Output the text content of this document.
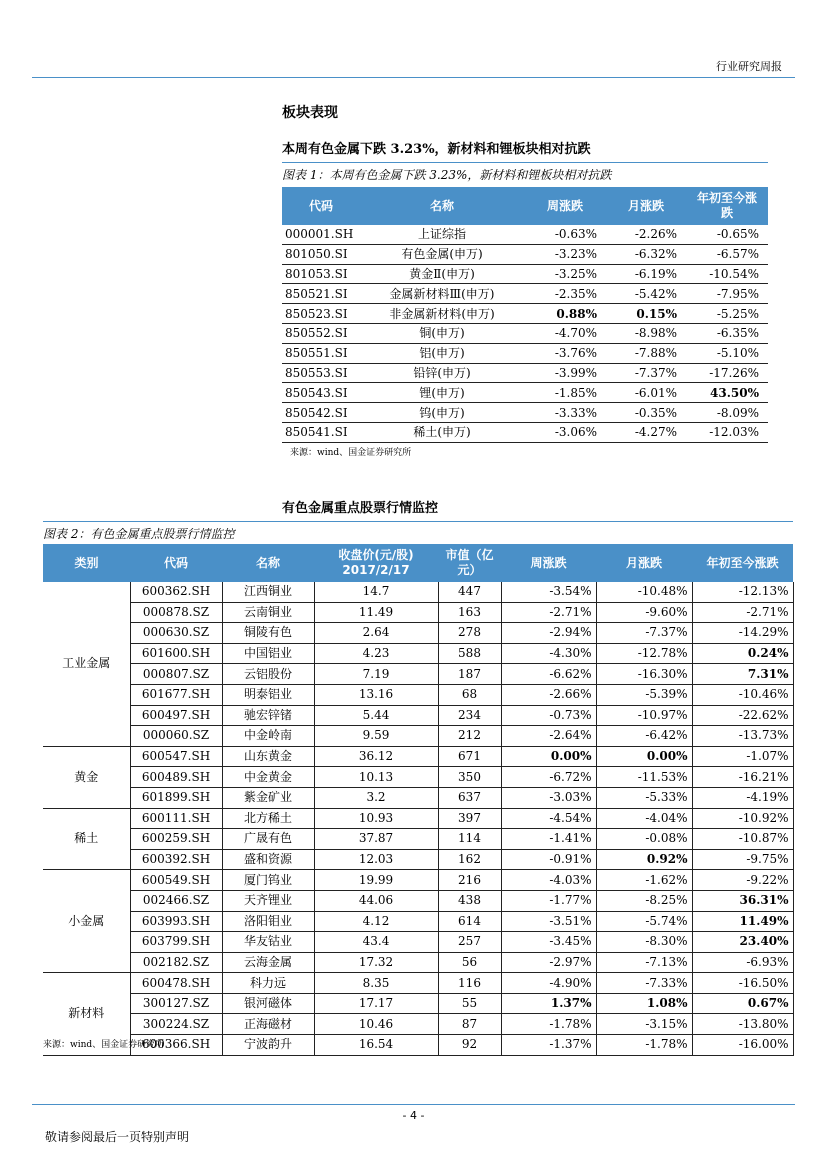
行业研究周报
板块表现
本周有色金属下跌 3.23%，新材料和锂板块相对抗跌
图表 1：本周有色金属下跌 3.23%，新材料和锂板块相对抗跌
代码	名称	周涨跌	月涨跌	年初至今涨跌
000001.SH	上证综指	-0.63%	-2.26%	-0.65%
801050.SI	有色金属(申万)	-3.23%	-6.32%	-6.57%
801053.SI	黄金Ⅱ(申万)	-3.25%	-6.19%	-10.54%
850521.SI	金属新材料Ⅲ(申万)	-2.35%	-5.42%	-7.95%
850523.SI	非金属新材料(申万)	0.88%	0.15%	-5.25%
850552.SI	铜(申万)	-4.70%	-8.98%	-6.35%
850551.SI	铝(申万)	-3.76%	-7.88%	-5.10%
850553.SI	铅锌(申万)	-3.99%	-7.37%	-17.26%
850543.SI	锂(申万)	-1.85%	-6.01%	43.50%
850542.SI	钨(申万)	-3.33%	-0.35%	-8.09%
850541.SI	稀土(申万)	-3.06%	-4.27%	-12.03%
来源：wind、国金证券研究所
有色金属重点股票行情监控
图表 2：有色金属重点股票行情监控
类别	代码	名称	收盘价(元/股) 2017/2/17	市值（亿元）	周涨跌	月涨跌	年初至今涨跌
工业金属	600362.SH	江西铜业	14.7	447	-3.54%	-10.48%	-12.13%
	000878.SZ	云南铜业	11.49	163	-2.71%	-9.60%	-2.71%
	000630.SZ	铜陵有色	2.64	278	-2.94%	-7.37%	-14.29%
	601600.SH	中国铝业	4.23	588	-4.30%	-12.78%	0.24%
	000807.SZ	云铝股份	7.19	187	-6.62%	-16.30%	7.31%
	601677.SH	明泰铝业	13.16	68	-2.66%	-5.39%	-10.46%
	600497.SH	驰宏锌锗	5.44	234	-0.73%	-10.97%	-22.62%
	000060.SZ	中金岭南	9.59	212	-2.64%	-6.42%	-13.73%
黄金	600547.SH	山东黄金	36.12	671	0.00%	0.00%	-1.07%
	600489.SH	中金黄金	10.13	350	-6.72%	-11.53%	-16.21%
	601899.SH	紫金矿业	3.2	637	-3.03%	-5.33%	-4.19%
稀土	600111.SH	北方稀土	10.93	397	-4.54%	-4.04%	-10.92%
	600259.SH	广晟有色	37.87	114	-1.41%	-0.08%	-10.87%
	600392.SH	盛和资源	12.03	162	-0.91%	0.92%	-9.75%
小金属	600549.SH	厦门钨业	19.99	216	-4.03%	-1.62%	-9.22%
	002466.SZ	天齐锂业	44.06	438	-1.77%	-8.25%	36.31%
	603993.SH	洛阳钼业	4.12	614	-3.51%	-5.74%	11.49%
	603799.SH	华友钴业	43.4	257	-3.45%	-8.30%	23.40%
	002182.SZ	云海金属	17.32	56	-2.97%	-7.13%	-6.93%
新材料	600478.SH	科力远	8.35	116	-4.90%	-7.33%	-16.50%
	300127.SZ	银河磁体	17.17	55	1.37%	1.08%	0.67%
	300224.SZ	正海磁材	10.46	87	-1.78%	-3.15%	-13.80%
	600366.SH	宁波韵升	16.54	92	-1.37%	-1.78%	-16.00%
来源：wind、国金证券研究所
- 4 -
敬请参阅最后一页特别声明
